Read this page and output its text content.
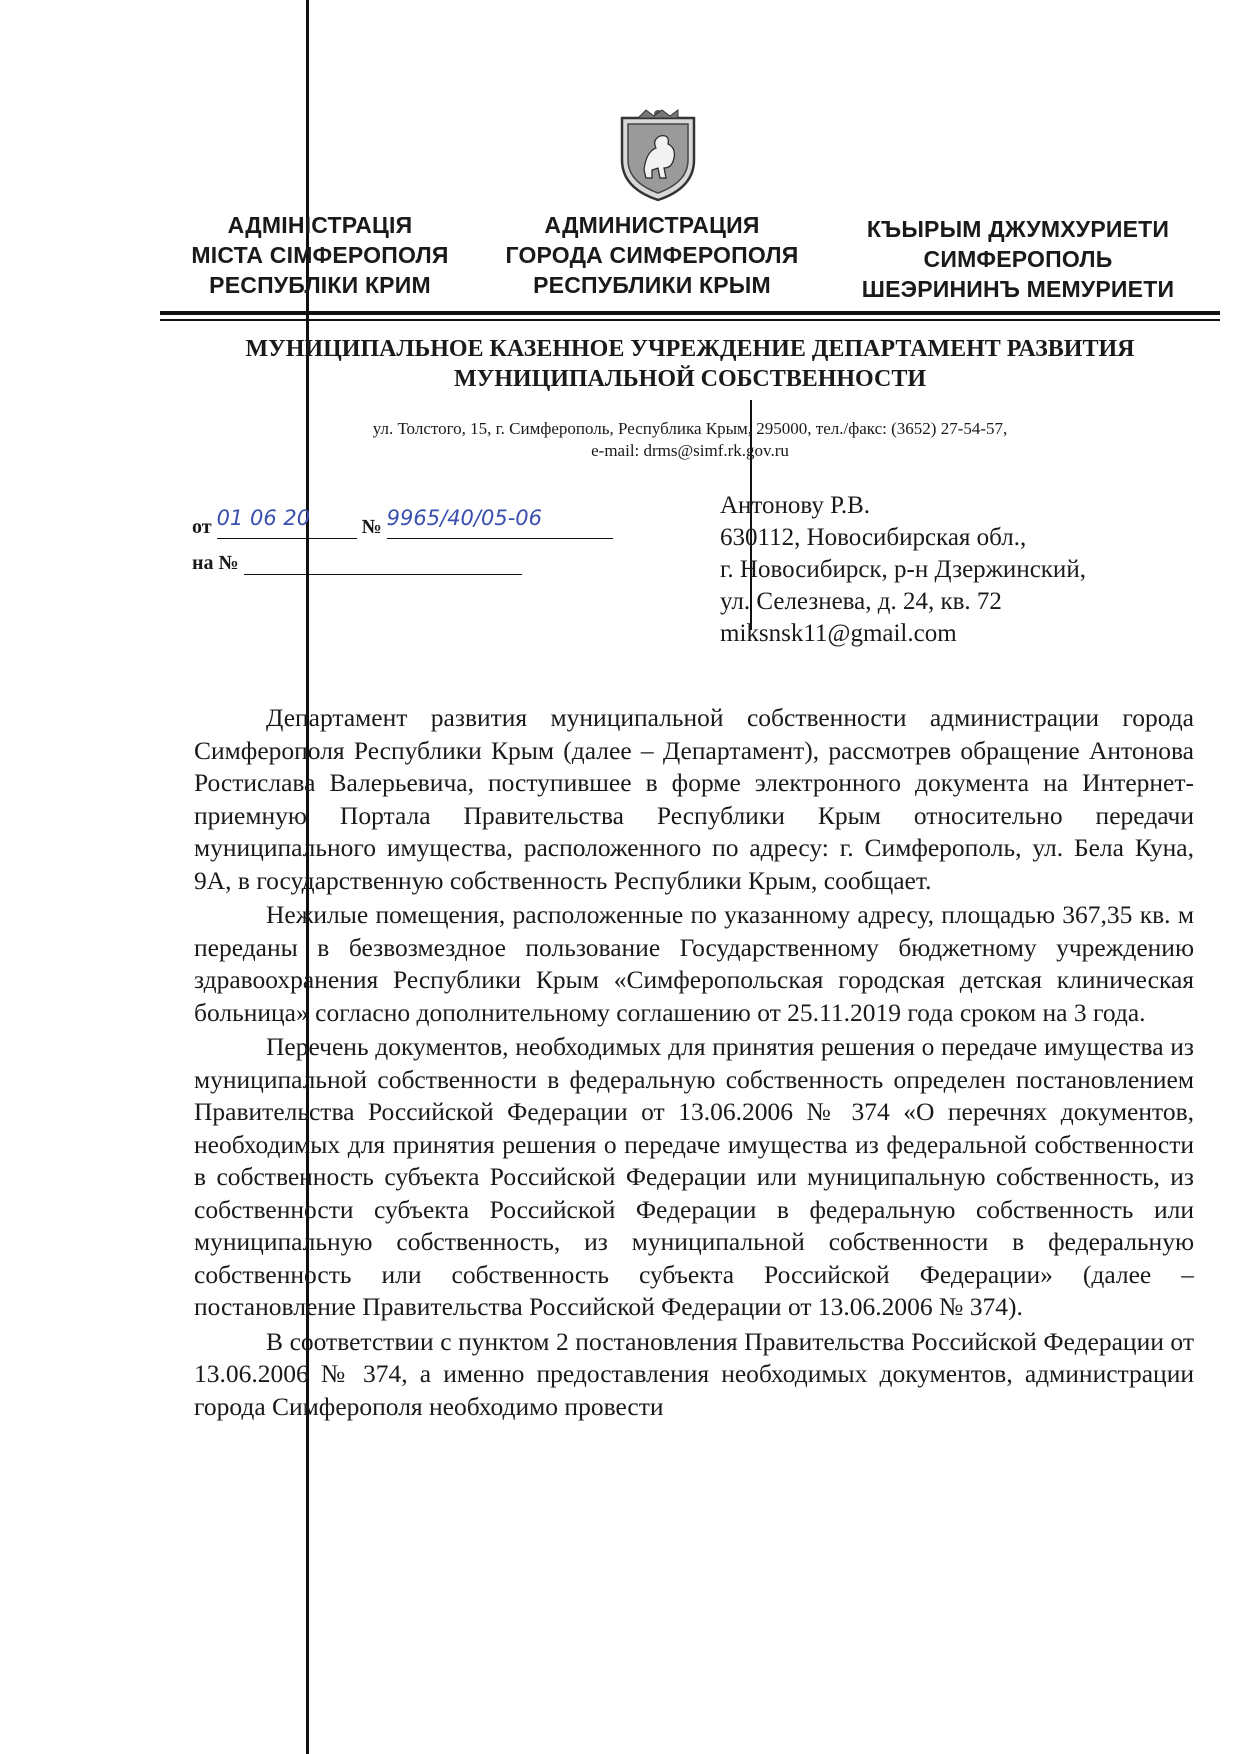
АДМІНІСТРАЦІЯ
МІСТА СІМФЕРОПОЛЯ
РЕСПУБЛІКИ КРИМ
АДМИНИСТРАЦИЯ
ГОРОДА СИМФЕРОПОЛЯ
РЕСПУБЛИКИ КРЫМ
КЪЫРЫМ ДЖУМХУРИЕТИ
СИМФЕРОПОЛЬ
ШЕЭРИНИНЪ МЕМУРИЕТИ
МУНИЦИПАЛЬНОЕ КАЗЕННОЕ УЧРЕЖДЕНИЕ ДЕПАРТАМЕНТ РАЗВИТИЯ
МУНИЦИПАЛЬНОЙ СОБСТВЕННОСТИ
ул. Толстого, 15, г. Симферополь, Республика Крым, 295000, тел./факс: (3652) 27-54-57,
e-mail: drms@simf.rk.gov.ru
от 01 06 20	№ 9965/40/05-06
на №
Антонову Р.В.
630112, Новосибирская обл.,
г. Новосибирск, р-н Дзержинский,
ул. Селезнева, д. 24, кв. 72
miksnsk11@gmail.com

Департамент развития муниципальной собственности администрации города Симферополя Республики Крым (далее – Департамент), рассмотрев обращение Антонова Ростислава Валерьевича, поступившее в форме электронного документа на Интернет-приемную Портала Правительства Республики Крым относительно передачи муниципального имущества, расположенного по адресу: г. Симферополь, ул. Бела Куна, 9А, в государственную собственность Республики Крым, сообщает.

Нежилые помещения, расположенные по указанному адресу, площадью 367,35 кв. м переданы в безвозмездное пользование Государственному бюджетному учреждению здравоохранения Республики Крым «Симферопольская городская детская клиническая больница» согласно дополнительному соглашению от 25.11.2019 года сроком на 3 года.

Перечень документов, необходимых для принятия решения о передаче имущества из муниципальной собственности в федеральную собственность определен постановлением Правительства Российской Федерации от 13.06.2006 № 374 «О перечнях документов, необходимых для принятия решения о передаче имущества из федеральной собственности в собственность субъекта Российской Федерации или муниципальную собственность, из собственности субъекта Российской Федерации в федеральную собственность или муниципальную собственность, из муниципальной собственности в федеральную собственность или собственность субъекта Российской Федерации» (далее – постановление Правительства Российской Федерации от 13.06.2006 № 374).

В соответствии с пунктом 2 постановления Правительства Российской Федерации от 13.06.2006 № 374, а именно предоставления необходимых документов, администрации города Симферополя необходимо провести
